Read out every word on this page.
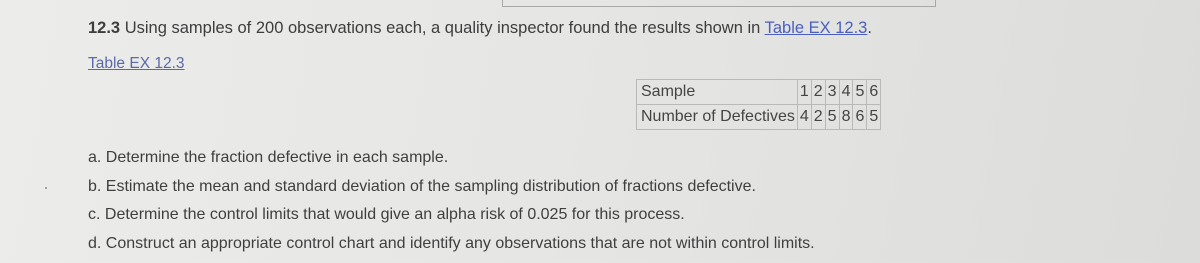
12.3 Using samples of 200 observations each, a quality inspector found the results shown in Table EX 12.3.
Table EX 12.3
Sample	1	2	3	4	5	6
Number of Defectives	4	2	5	8	6	5
a. Determine the fraction defective in each sample.
b. Estimate the mean and standard deviation of the sampling distribution of fractions defective.
c. Determine the control limits that would give an alpha risk of 0.025 for this process.
d. Construct an appropriate control chart and identify any observations that are not within control limits.
